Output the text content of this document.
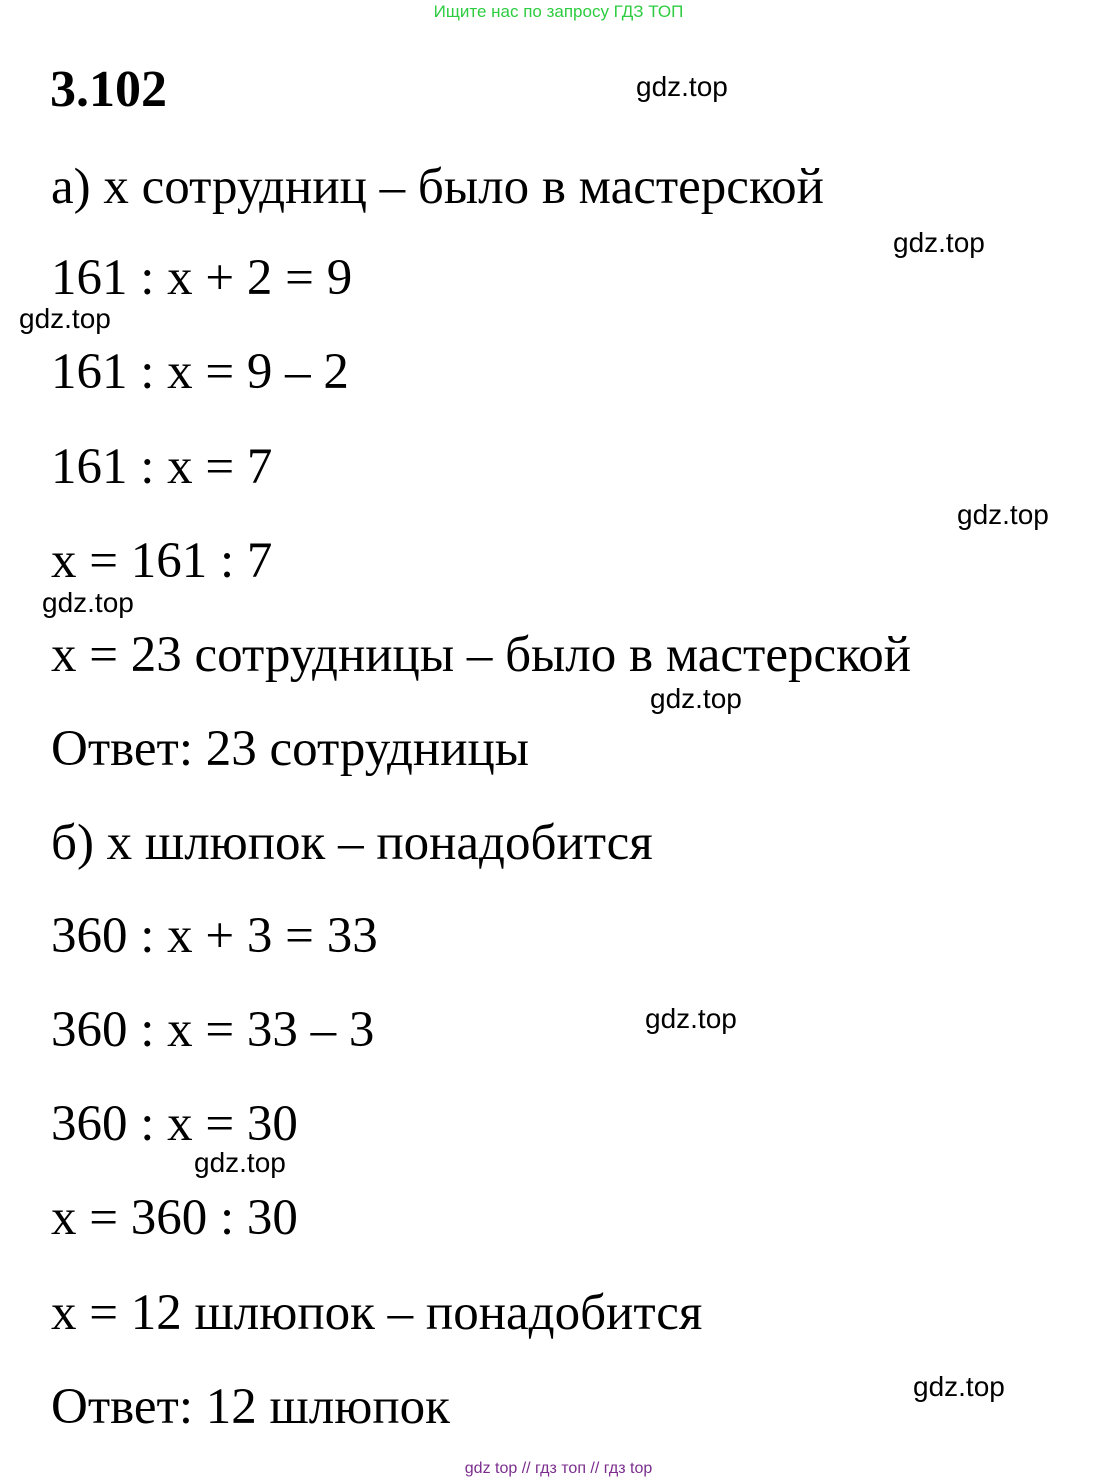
Ищите нас по запросу ГДЗ ТОП
3.102
а) x сотрудниц – было в мастерской
161 : x + 2 = 9
161 : x = 9 – 2
161 : x = 7
x = 161 : 7
x = 23 сотрудницы – было в мастерской
Ответ: 23 сотрудницы
б) x шлюпок – понадобится
360 : x + 3 = 33
360 : x = 33 – 3
360 : x = 30
x = 360 : 30
x = 12 шлюпок – понадобится
Ответ: 12 шлюпок
gdz.top
gdz.top
gdz.top
gdz.top
gdz.top
gdz.top
gdz.top
gdz.top
gdz.top
gdz top // гдз топ // гдз top
